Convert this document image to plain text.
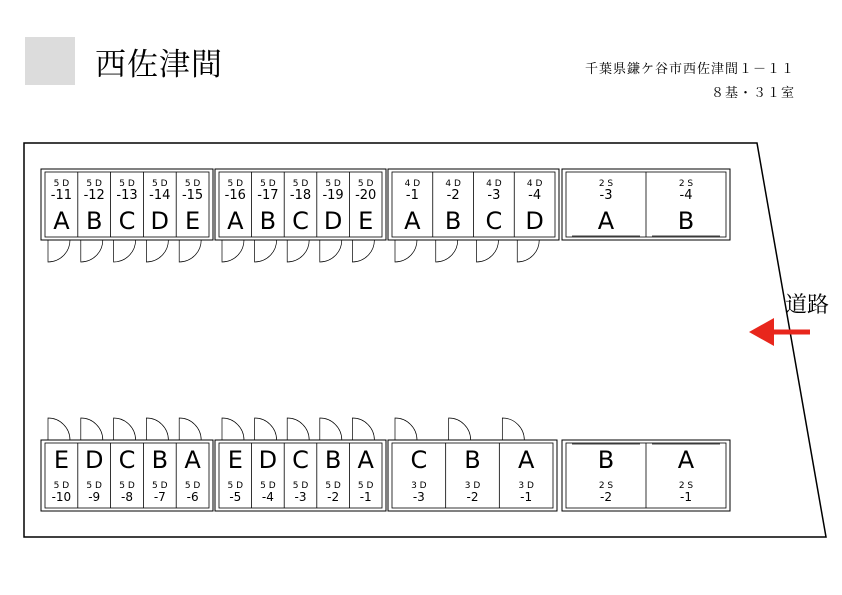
西佐津間	千葉県鎌ケ谷市西佐津間１－１１
８基・３１室
道路
5 D
-11
A
5 D
-12
B
5 D
-13
C
5 D
-14
D
5 D
-15
E
5 D
-16
A
5 D
-17
B
5 D
-18
C
5 D
-19
D
5 D
-20
E
4 D
-1
A
4 D
-2
B
4 D
-3
C
4 D
-4
D
2 S
-3
A
2 S
-4
B
E
5 D
-10
D
5 D
-9
C
5 D
-8
B
5 D
-7
A
5 D
-6
E
5 D
-5
D
5 D
-4
C
5 D
-3
B
5 D
-2
A
5 D
-1
C
3 D
-3
B
3 D
-2
A
3 D
-1
B
2 S
-2
A
2 S
-1
